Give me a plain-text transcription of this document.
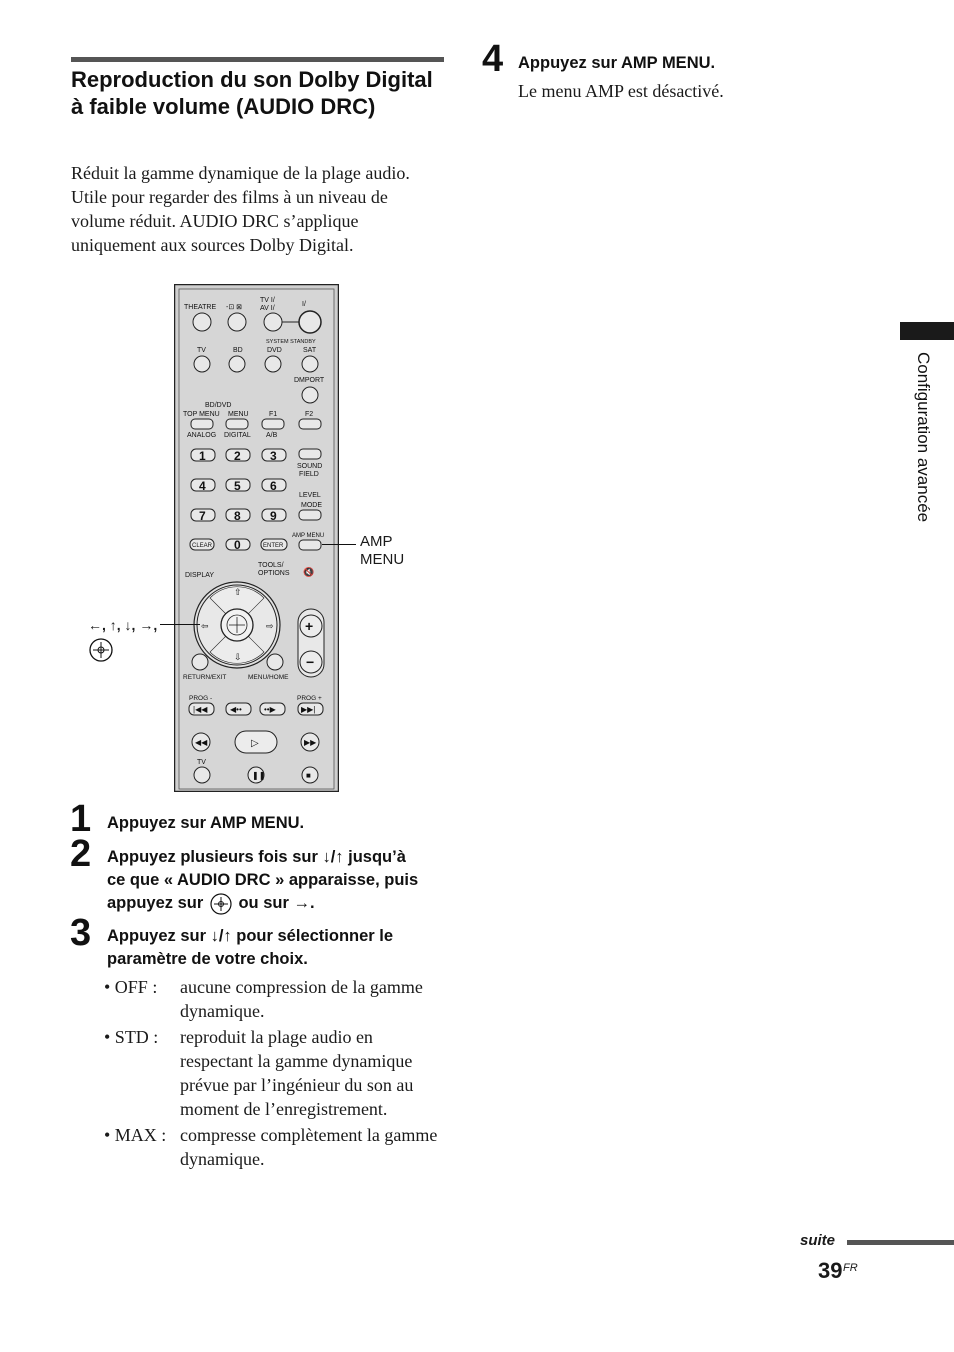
Reproduction du son Dolby Digital à faible volume (AUDIO DRC)

Réduit la gamme dynamique de la plage audio.

Utile pour regarder des films à un niveau de

volume réduit. AUDIO DRC s’applique

uniquement aux sources Dolby Digital.

THEATRE -⊡ ⊠
TV I/
AV I/
I/
SYSTEM STANDBY
TV	BD	DVD	SAT
DMPORT
BD/DVD
TOP MENU MENU	F1	F2
ANALOG DIGITAL A/B
1 2 3
4 5 6
7 8 9
CLEAR 0	ENTER
SOUND
FIELD
LEVEL
MODE
AMP MENU
DISPLAY
TOOLS/
OPTIONS 🔇
⇧
⇩
⇦	⇨
RETURN/EXIT	MENU/HOME
+
−
PROG -	PROG +
|◀◀	◀••	••▶	▶▶|
◀◀	▷	▶▶
TV
❚❚	■
AMP
MENU
←, ↑, ↓, →,
1 Appuyez sur AMP MENU.
2 Appuyez plusieurs fois sur ↓/↑ jusqu’à
ce que « AUDIO DRC » apparaisse, puis
appuyez sur ou sur →.
3 Appuyez sur ↓/↑ pour sélectionner le
paramètre de votre choix.
• OFF :	aucune compression de la gamme dynamique.
• STD :	reproduit la plage audio en respectant la gamme dynamique prévue par l’ingénieur du son au moment de l’enregistrement.
• MAX : compresse complètement la gamme dynamique.
4 Appuyez sur AMP MENU.
Le menu AMP est désactivé.
Configuration avancée
suite
39 FR
